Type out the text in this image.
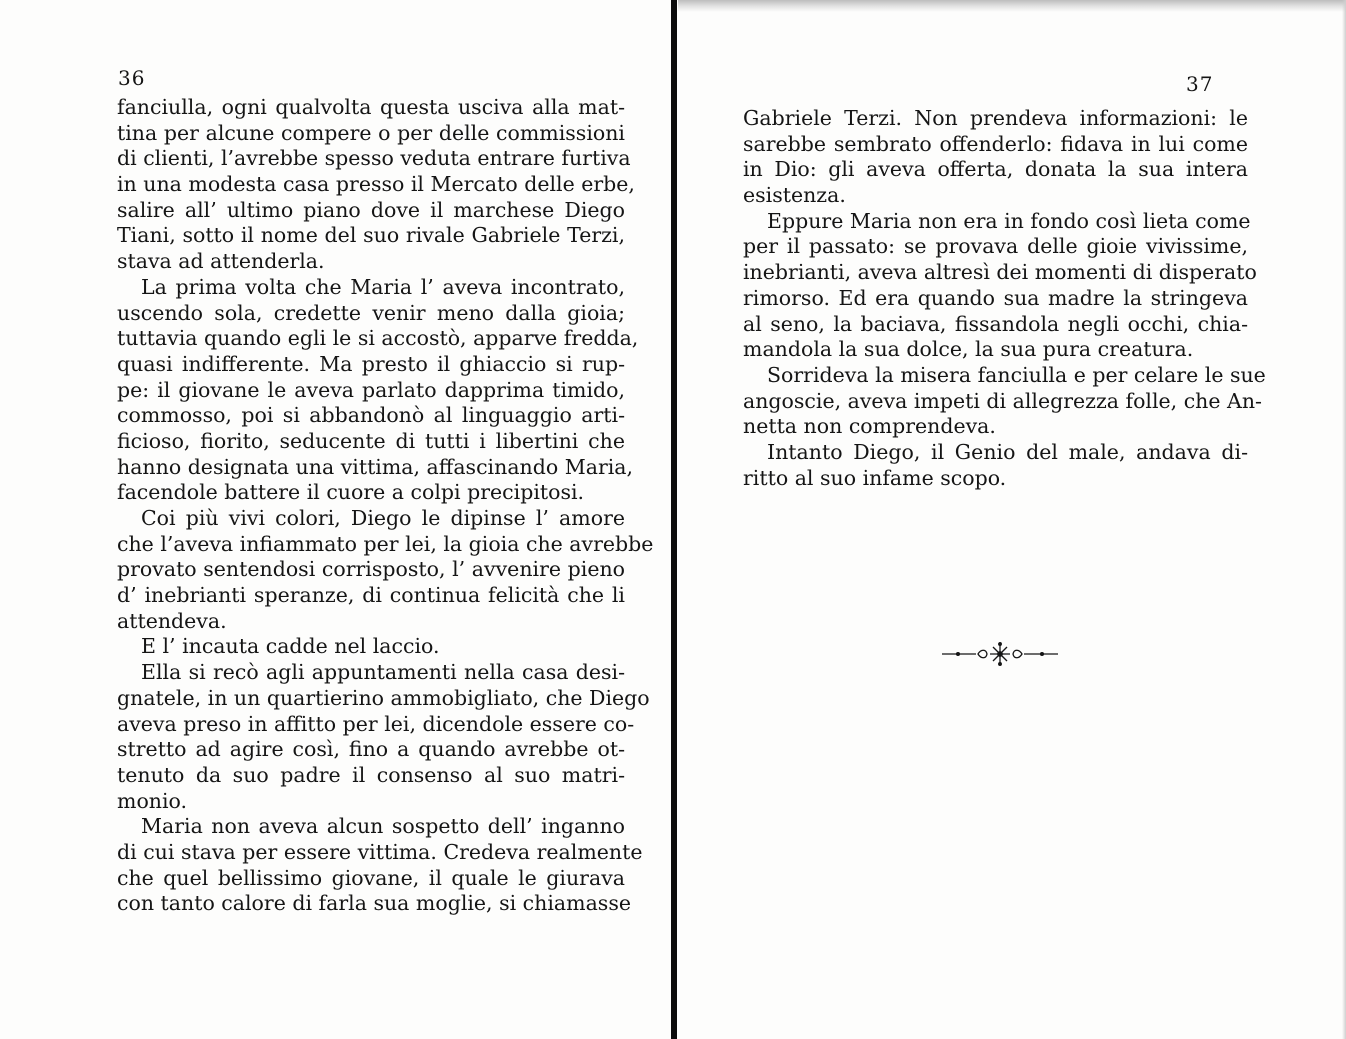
36
fanciulla, ogni qualvolta questa usciva alla mat-
tina per alcune compere o per delle commissioni
di clienti, l’avrebbe spesso veduta entrare furtiva
in una modesta casa presso il Mercato delle erbe,
salire all’ ultimo piano dove il marchese Diego
Tiani, sotto il nome del suo rivale Gabriele Terzi,
stava ad attenderla.
La prima volta che Maria l’ aveva incontrato,
uscendo sola, credette venir meno dalla gioia;
tuttavia quando egli le si accostò, apparve fredda,
quasi indifferente. Ma presto il ghiaccio si rup-
pe: il giovane le aveva parlato dapprima timido,
commosso, poi si abbandonò al linguaggio arti-
ficioso, fiorito, seducente di tutti i libertini che
hanno designata una vittima, affascinando Maria,
facendole battere il cuore a colpi precipitosi.
Coi più vivi colori, Diego le dipinse l’ amore
che l’aveva infiammato per lei, la gioia che avrebbe
provato sentendosi corrisposto, l’ avvenire pieno
d’ inebrianti speranze, di continua felicità che li
attendeva.
E l’ incauta cadde nel laccio.
Ella si recò agli appuntamenti nella casa desi-
gnatele, in un quartierino ammobigliato, che Diego
aveva preso in affitto per lei, dicendole essere co-
stretto ad agire così, fino a quando avrebbe ot-
tenuto da suo padre il consenso al suo matri-
monio.
Maria non aveva alcun sospetto dell’ inganno
di cui stava per essere vittima. Credeva realmente
che quel bellissimo giovane, il quale le giurava
con tanto calore di farla sua moglie, si chiamasse
37
Gabriele Terzi. Non prendeva informazioni: le
sarebbe sembrato offenderlo: fidava in lui come
in Dio: gli aveva offerta, donata la sua intera
esistenza.
Eppure Maria non era in fondo così lieta come
per il passato: se provava delle gioie vivissime,
inebrianti, aveva altresì dei momenti di disperato
rimorso. Ed era quando sua madre la stringeva
al seno, la baciava, fissandola negli occhi, chia-
mandola la sua dolce, la sua pura creatura.
Sorrideva la misera fanciulla e per celare le sue
angoscie, aveva impeti di allegrezza folle, che An-
netta non comprendeva.
Intanto Diego, il Genio del male, andava di-
ritto al suo infame scopo.
